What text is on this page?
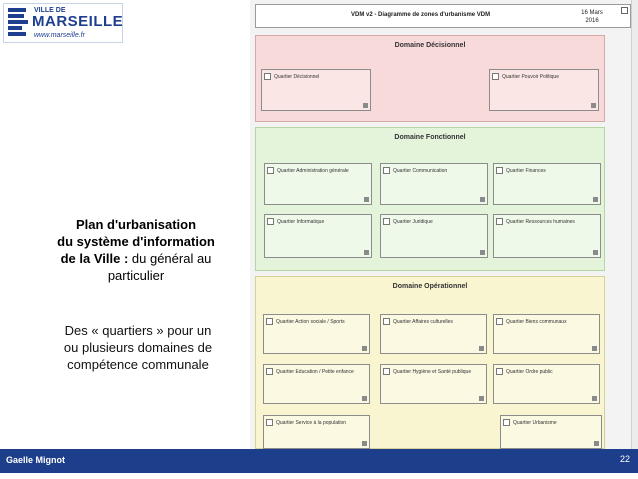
VILLE DE
MARSEILLE
www.marseille.fr
Plan d'urbanisation
du système d'information
de la Ville : du général au
particulier
Des « quartiers » pour un
ou plusieurs domaines de
compétence communale
VDM v2 - Diagramme de zones d'urbanisme VDM	16 Mars
2016
Domaine Décisionnel
Quartier Décisionnel	Quartier Pouvoir Politique
Domaine Fonctionnel
Quartier Administration générale	Quartier Communication	Quartier Finances
Quartier Informatique	Quartier Juridique	Quartier Ressources humaines
Domaine Opérationnel
Quartier Action sociale / Sports	Quartier Affaires culturelles	Quartier Biens communaux
Quartier Education / Petite enfance	Quartier Hygiène et Santé publique	Quartier Ordre public
Quartier Service à la population	Quartier Urbanisme
Gaelle Mignot	22
